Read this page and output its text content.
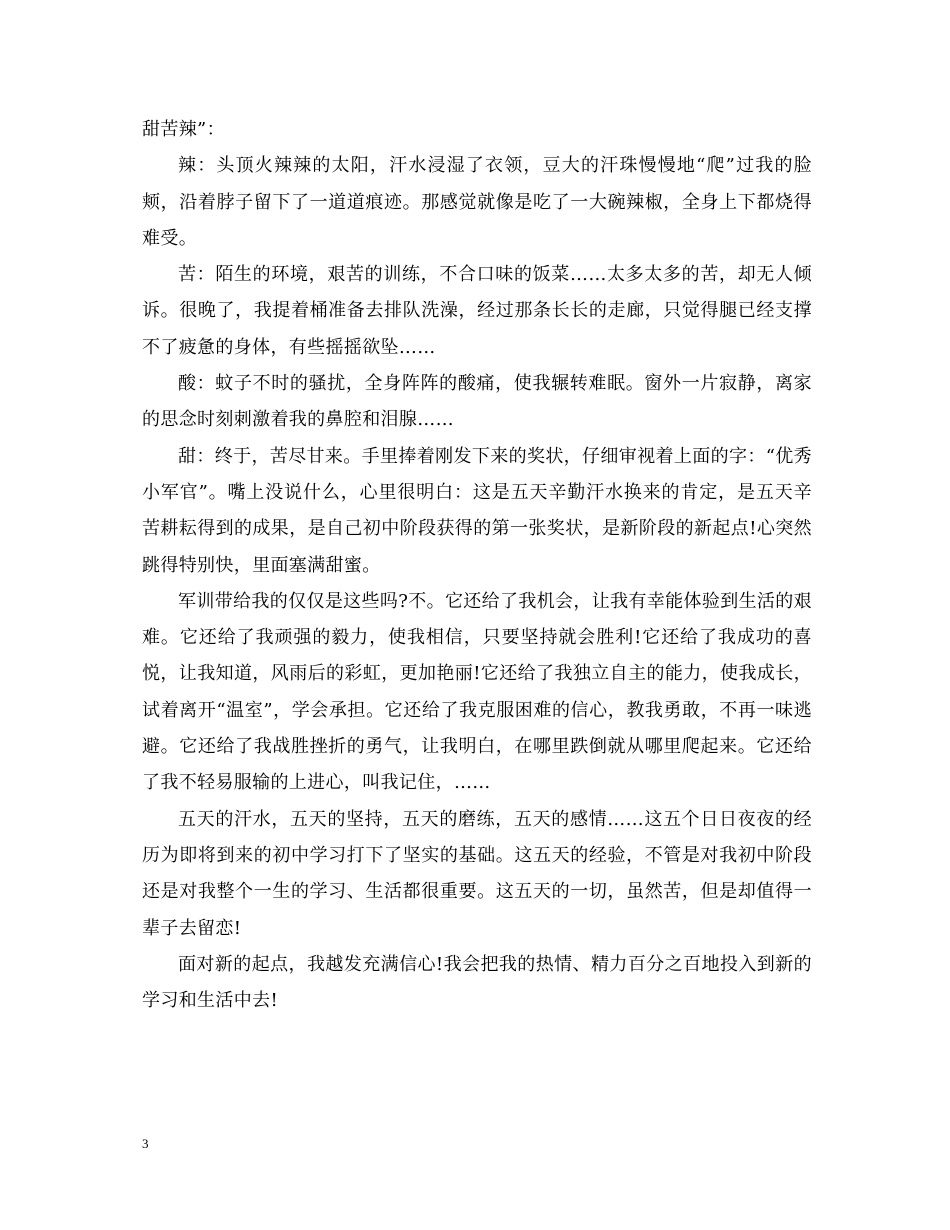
甜苦辣”：

辣：头顶火辣辣的太阳，汗水浸湿了衣领，豆大的汗珠慢慢地“爬”过我的脸颊，沿着脖子留下了一道道痕迹。那感觉就像是吃了一大碗辣椒，全身上下都烧得难受。

苦：陌生的环境，艰苦的训练，不合口味的饭菜……太多太多的苦，却无人倾诉。很晚了，我提着桶准备去排队洗澡，经过那条长长的走廊，只觉得腿已经支撑不了疲惫的身体，有些摇摇欲坠……

酸：蚊子不时的骚扰，全身阵阵的酸痛，使我辗转难眠。窗外一片寂静，离家的思念时刻刺激着我的鼻腔和泪腺……

甜：终于，苦尽甘来。手里捧着刚发下来的奖状，仔细审视着上面的字：“优秀小军官”。嘴上没说什么，心里很明白：这是五天辛勤汗水换来的肯定，是五天辛苦耕耘得到的成果，是自己初中阶段获得的第一张奖状，是新阶段的新起点!心突然跳得特别快，里面塞满甜蜜。

军训带给我的仅仅是这些吗?不。它还给了我机会，让我有幸能体验到生活的艰难。它还给了我顽强的毅力，使我相信，只要坚持就会胜利!它还给了我成功的喜悦，让我知道，风雨后的彩虹，更加艳丽!它还给了我独立自主的能力，使我成长，试着离开“温室”，学会承担。它还给了我克服困难的信心，教我勇敢，不再一味逃避。它还给了我战胜挫折的勇气，让我明白，在哪里跌倒就从哪里爬起来。它还给了我不轻易服输的上进心，叫我记住，……

五天的汗水，五天的坚持，五天的磨练，五天的感情……这五个日日夜夜的经历为即将到来的初中学习打下了坚实的基础。这五天的经验，不管是对我初中阶段还是对我整个一生的学习、生活都很重要。这五天的一切，虽然苦，但是却值得一辈子去留恋!

面对新的起点，我越发充满信心!我会把我的热情、精力百分之百地投入到新的学习和生活中去!

3
